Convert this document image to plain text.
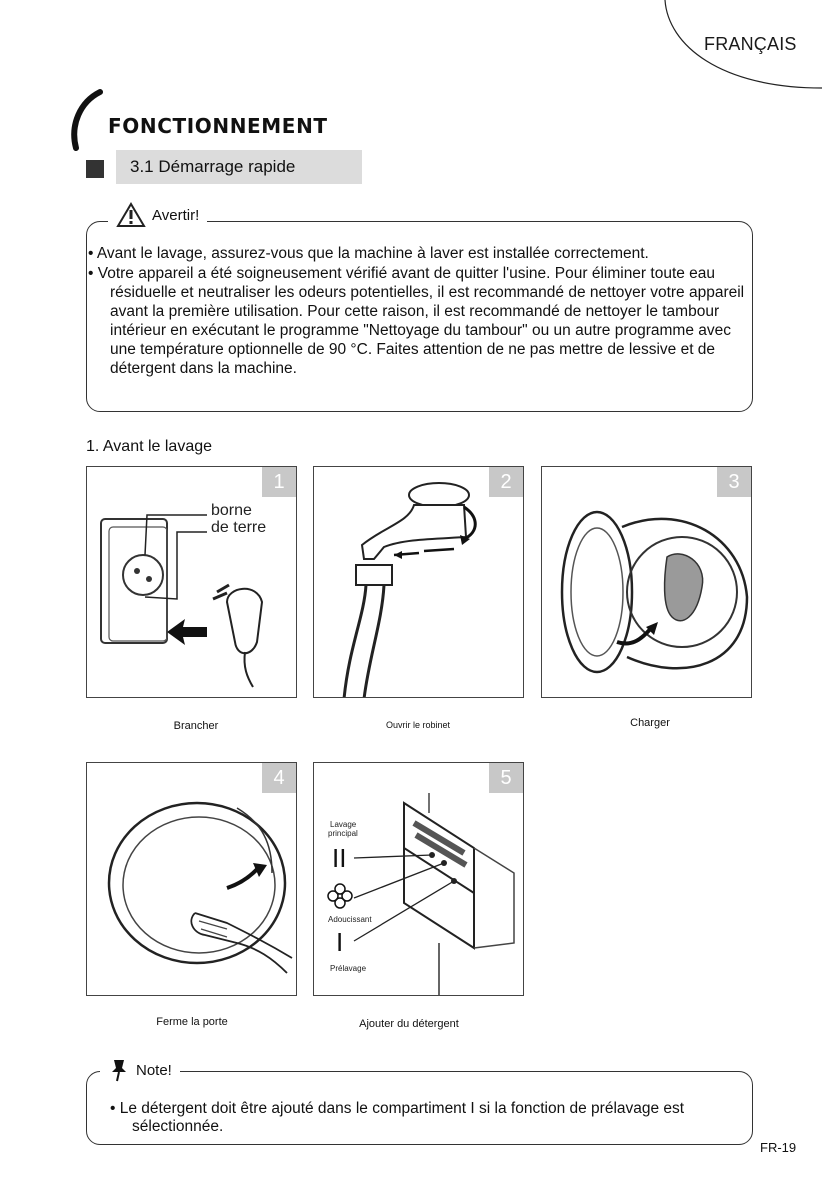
FRANÇAIS
FONCTIONNEMENT
3.1 Démarrage rapide
Avertir!

• Avant le lavage, assurez-vous que la machine à laver est installée correctement.

• Votre appareil a été soigneusement vérifié avant de quitter l'usine. Pour éliminer toute eau résiduelle et neutraliser les odeurs potentielles, il est recommandé de nettoyer votre appareil avant la première utilisation. Pour cette raison, il est recommandé de nettoyer le tambour intérieur en exécutant le programme "Nettoyage du tambour" ou un autre programme avec une température optionnelle de 90 °C. Faites attention de ne pas mettre de lessive et de détergent dans la machine.

1. Avant le lavage
1
borne
de terre
2	3
Brancher	Ouvrir le robinet	Charger
4	5
Lavage
principal
II
Adoucissant
I
Prélavage
Ferme la porte	Ajouter du détergent
Note!
• Le détergent doit être ajouté dans le compartiment I si la fonction de prélavage est sélectionnée.
FR-19
